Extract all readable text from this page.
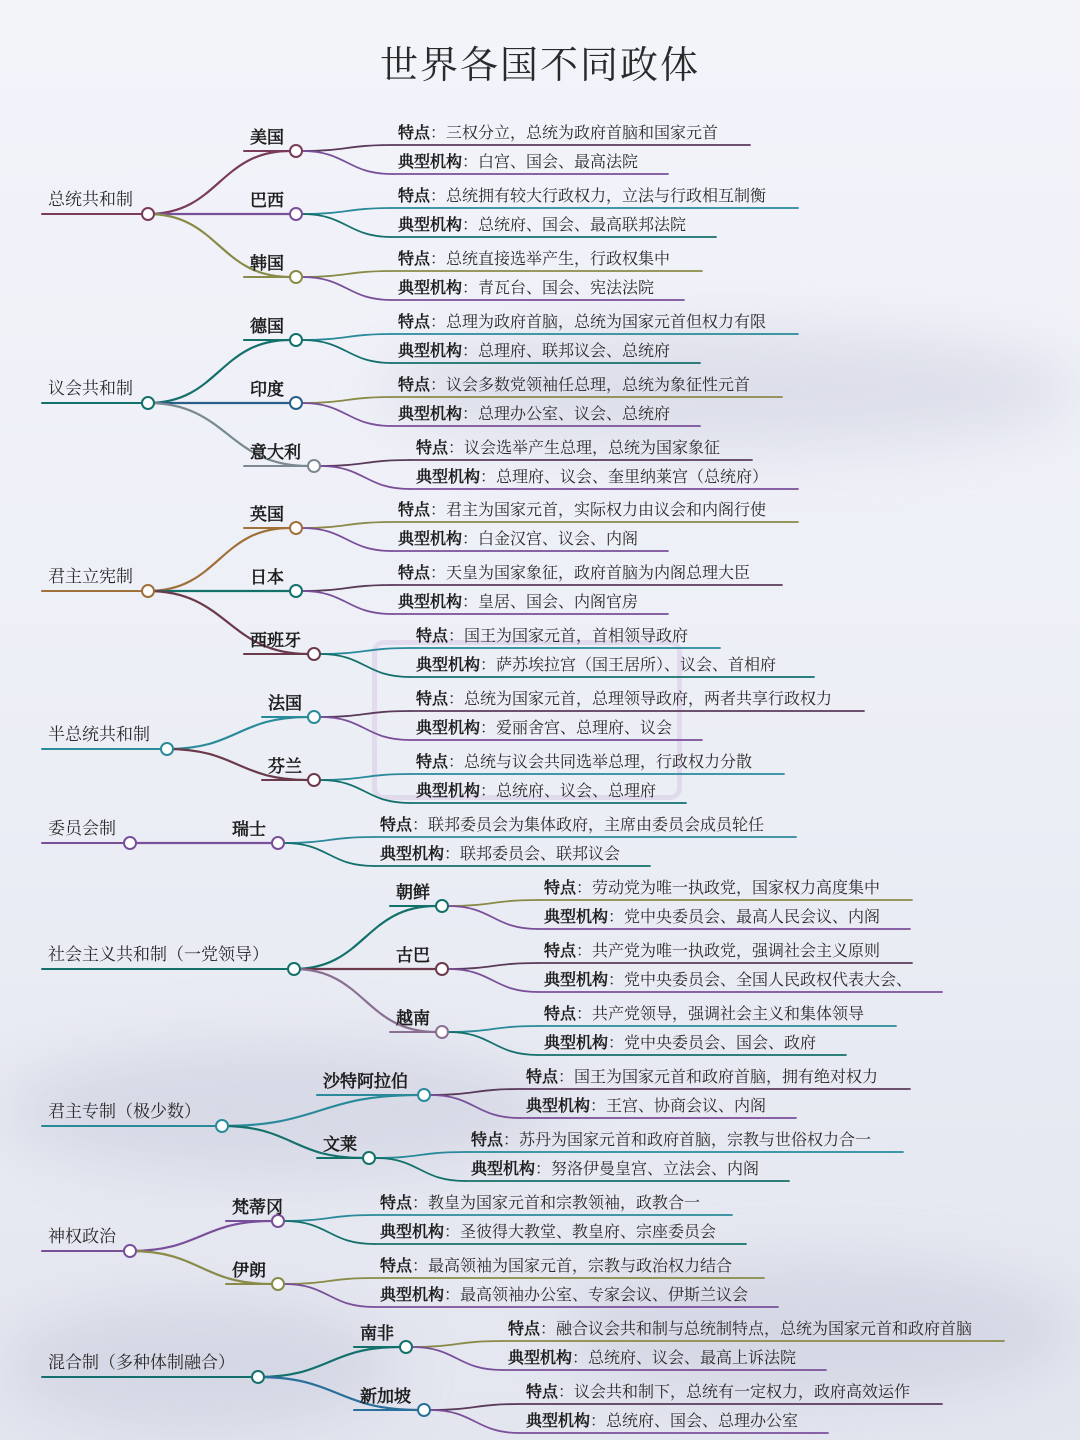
世界各国不同政体
总统共和制
美国	特点：三权分立，总统为政府首脑和国家元首
典型机构：白宫、国会、最高法院
巴西	特点：总统拥有较大行政权力，立法与行政相互制衡
典型机构：总统府、国会、最高联邦法院
韩国	特点：总统直接选举产生，行政权集中
典型机构：青瓦台、国会、宪法法院
议会共和制
德国	特点：总理为政府首脑，总统为国家元首但权力有限
典型机构：总理府、联邦议会、总统府
印度	特点：议会多数党领袖任总理，总统为象征性元首
典型机构：总理办公室、议会、总统府
意大利	特点：议会选举产生总理，总统为国家象征
典型机构：总理府、议会、奎里纳莱宫（总统府）
君主立宪制
英国	特点：君主为国家元首，实际权力由议会和内阁行使
典型机构：白金汉宫、议会、内阁
日本	特点：天皇为国家象征，政府首脑为内阁总理大臣
典型机构：皇居、国会、内阁官房
西班牙	特点：国王为国家元首，首相领导政府
典型机构：萨苏埃拉宫（国王居所）、议会、首相府
半总统共和制
法国	特点：总统为国家元首，总理领导政府，两者共享行政权力
典型机构：爱丽舍宫、总理府、议会
芬兰	特点：总统与议会共同选举总理，行政权力分散
典型机构：总统府、议会、总理府
委员会制	瑞士	特点：联邦委员会为集体政府，主席由委员会成员轮任
典型机构：联邦委员会、联邦议会
社会主义共和制（一党领导）
朝鲜	特点：劳动党为唯一执政党，国家权力高度集中
典型机构：党中央委员会、最高人民会议、内阁
古巴	特点：共产党为唯一执政党，强调社会主义原则
典型机构：党中央委员会、全国人民政权代表大会、
越南	特点：共产党领导，强调社会主义和集体领导
典型机构：党中央委员会、国会、政府
君主专制（极少数）
沙特阿拉伯	特点：国王为国家元首和政府首脑，拥有绝对权力
典型机构：王宫、协商会议、内阁
文莱	特点：苏丹为国家元首和政府首脑，宗教与世俗权力合一
典型机构：努洛伊曼皇宫、立法会、内阁
神权政治
梵蒂冈	特点：教皇为国家元首和宗教领袖，政教合一
典型机构：圣彼得大教堂、教皇府、宗座委员会
伊朗	特点：最高领袖为国家元首，宗教与政治权力结合
典型机构：最高领袖办公室、专家会议、伊斯兰议会
混合制（多种体制融合）
南非	特点：融合议会共和制与总统制特点，总统为国家元首和政府首脑
典型机构：总统府、议会、最高上诉法院
新加坡	特点：议会共和制下，总统有一定权力，政府高效运作
典型机构：总统府、国会、总理办公室
